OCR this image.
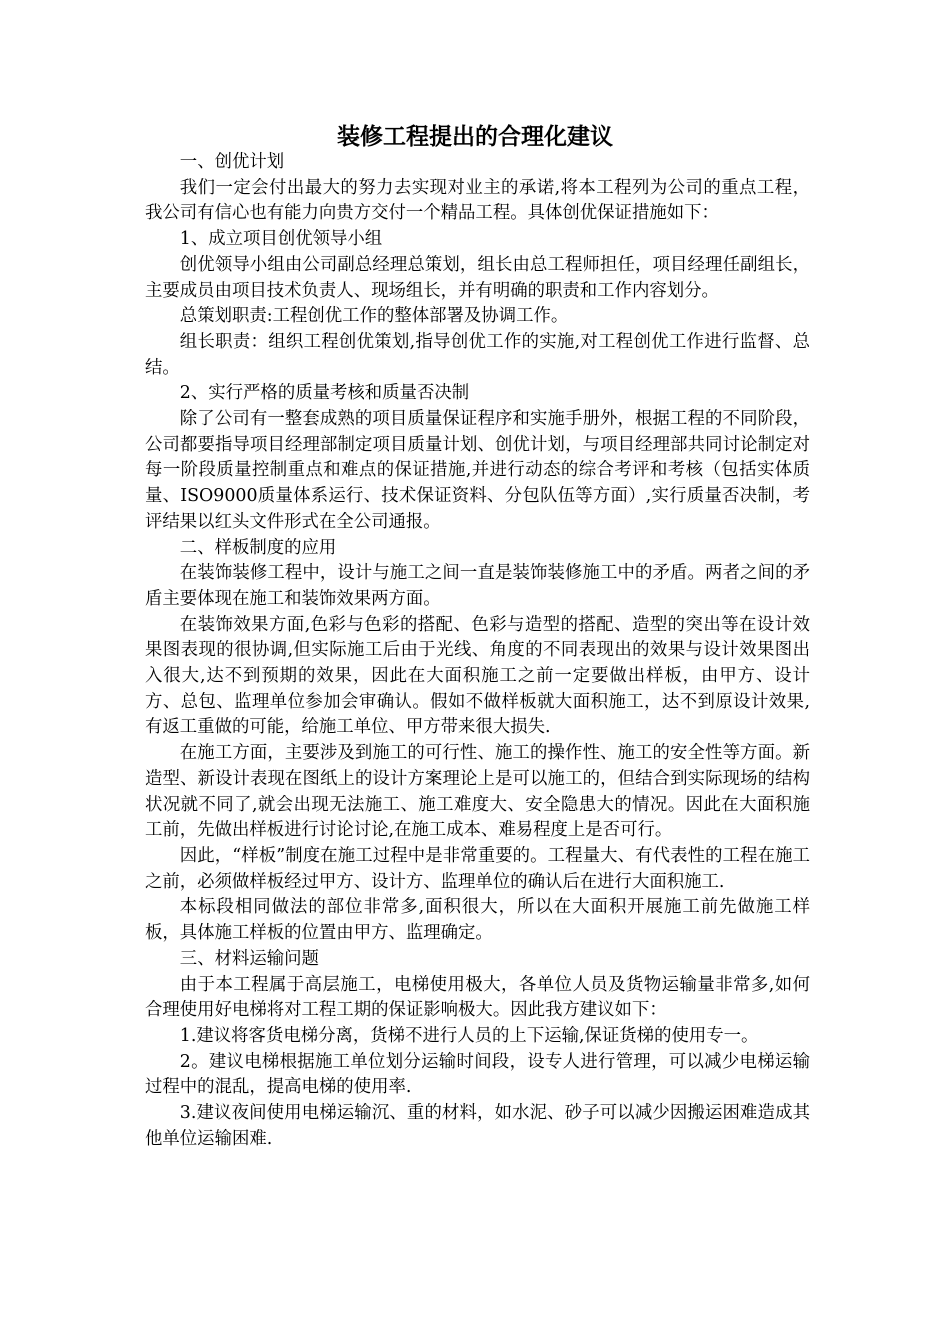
装修工程提出的合理化建议

一、创优计划

我们一定会付出最大的努力去实现对业主的承诺,将本工程列为公司的重点工程，我公司有信心也有能力向贵方交付一个精品工程。具体创优保证措施如下：

1、成立项目创优领导小组

创优领导小组由公司副总经理总策划，组长由总工程师担任，项目经理任副组长，主要成员由项目技术负责人、现场组长，并有明确的职责和工作内容划分。

总策划职责:工程创优工作的整体部署及协调工作。

组长职责：组织工程创优策划,指导创优工作的实施,对工程创优工作进行监督、总结。

2、实行严格的质量考核和质量否决制

除了公司有一整套成熟的项目质量保证程序和实施手册外，根据工程的不同阶段，公司都要指导项目经理部制定项目质量计划、创优计划，与项目经理部共同讨论制定对每一阶段质量控制重点和难点的保证措施,并进行动态的综合考评和考核（包括实体质量、ISO9000质量体系运行、技术保证资料、分包队伍等方面）,实行质量否决制，考评结果以红头文件形式在全公司通报。

二、样板制度的应用

在装饰装修工程中，设计与施工之间一直是装饰装修施工中的矛盾。两者之间的矛盾主要体现在施工和装饰效果两方面。

在装饰效果方面,色彩与色彩的搭配、色彩与造型的搭配、造型的突出等在设计效果图表现的很协调,但实际施工后由于光线、角度的不同表现出的效果与设计效果图出入很大,达不到预期的效果，因此在大面积施工之前一定要做出样板，由甲方、设计方、总包、监理单位参加会审确认。假如不做样板就大面积施工，达不到原设计效果,有返工重做的可能，给施工单位、甲方带来很大损失.

在施工方面，主要涉及到施工的可行性、施工的操作性、施工的安全性等方面。新造型、新设计表现在图纸上的设计方案理论上是可以施工的，但结合到实际现场的结构状况就不同了,就会出现无法施工、施工难度大、安全隐患大的情况。因此在大面积施工前，先做出样板进行讨论讨论,在施工成本、难易程度上是否可行。

因此，“样板”制度在施工过程中是非常重要的。工程量大、有代表性的工程在施工之前，必须做样板经过甲方、设计方、监理单位的确认后在进行大面积施工.

本标段相同做法的部位非常多,面积很大，所以在大面积开展施工前先做施工样板，具体施工样板的位置由甲方、监理确定。

三、材料运输问题

由于本工程属于高层施工，电梯使用极大，各单位人员及货物运输量非常多,如何合理使用好电梯将对工程工期的保证影响极大。因此我方建议如下：

1.建议将客货电梯分离，货梯不进行人员的上下运输,保证货梯的使用专一。

2。建议电梯根据施工单位划分运输时间段，设专人进行管理，可以减少电梯运输过程中的混乱，提高电梯的使用率.

3.建议夜间使用电梯运输沉、重的材料，如水泥、砂子可以减少因搬运困难造成其他单位运输困难.
